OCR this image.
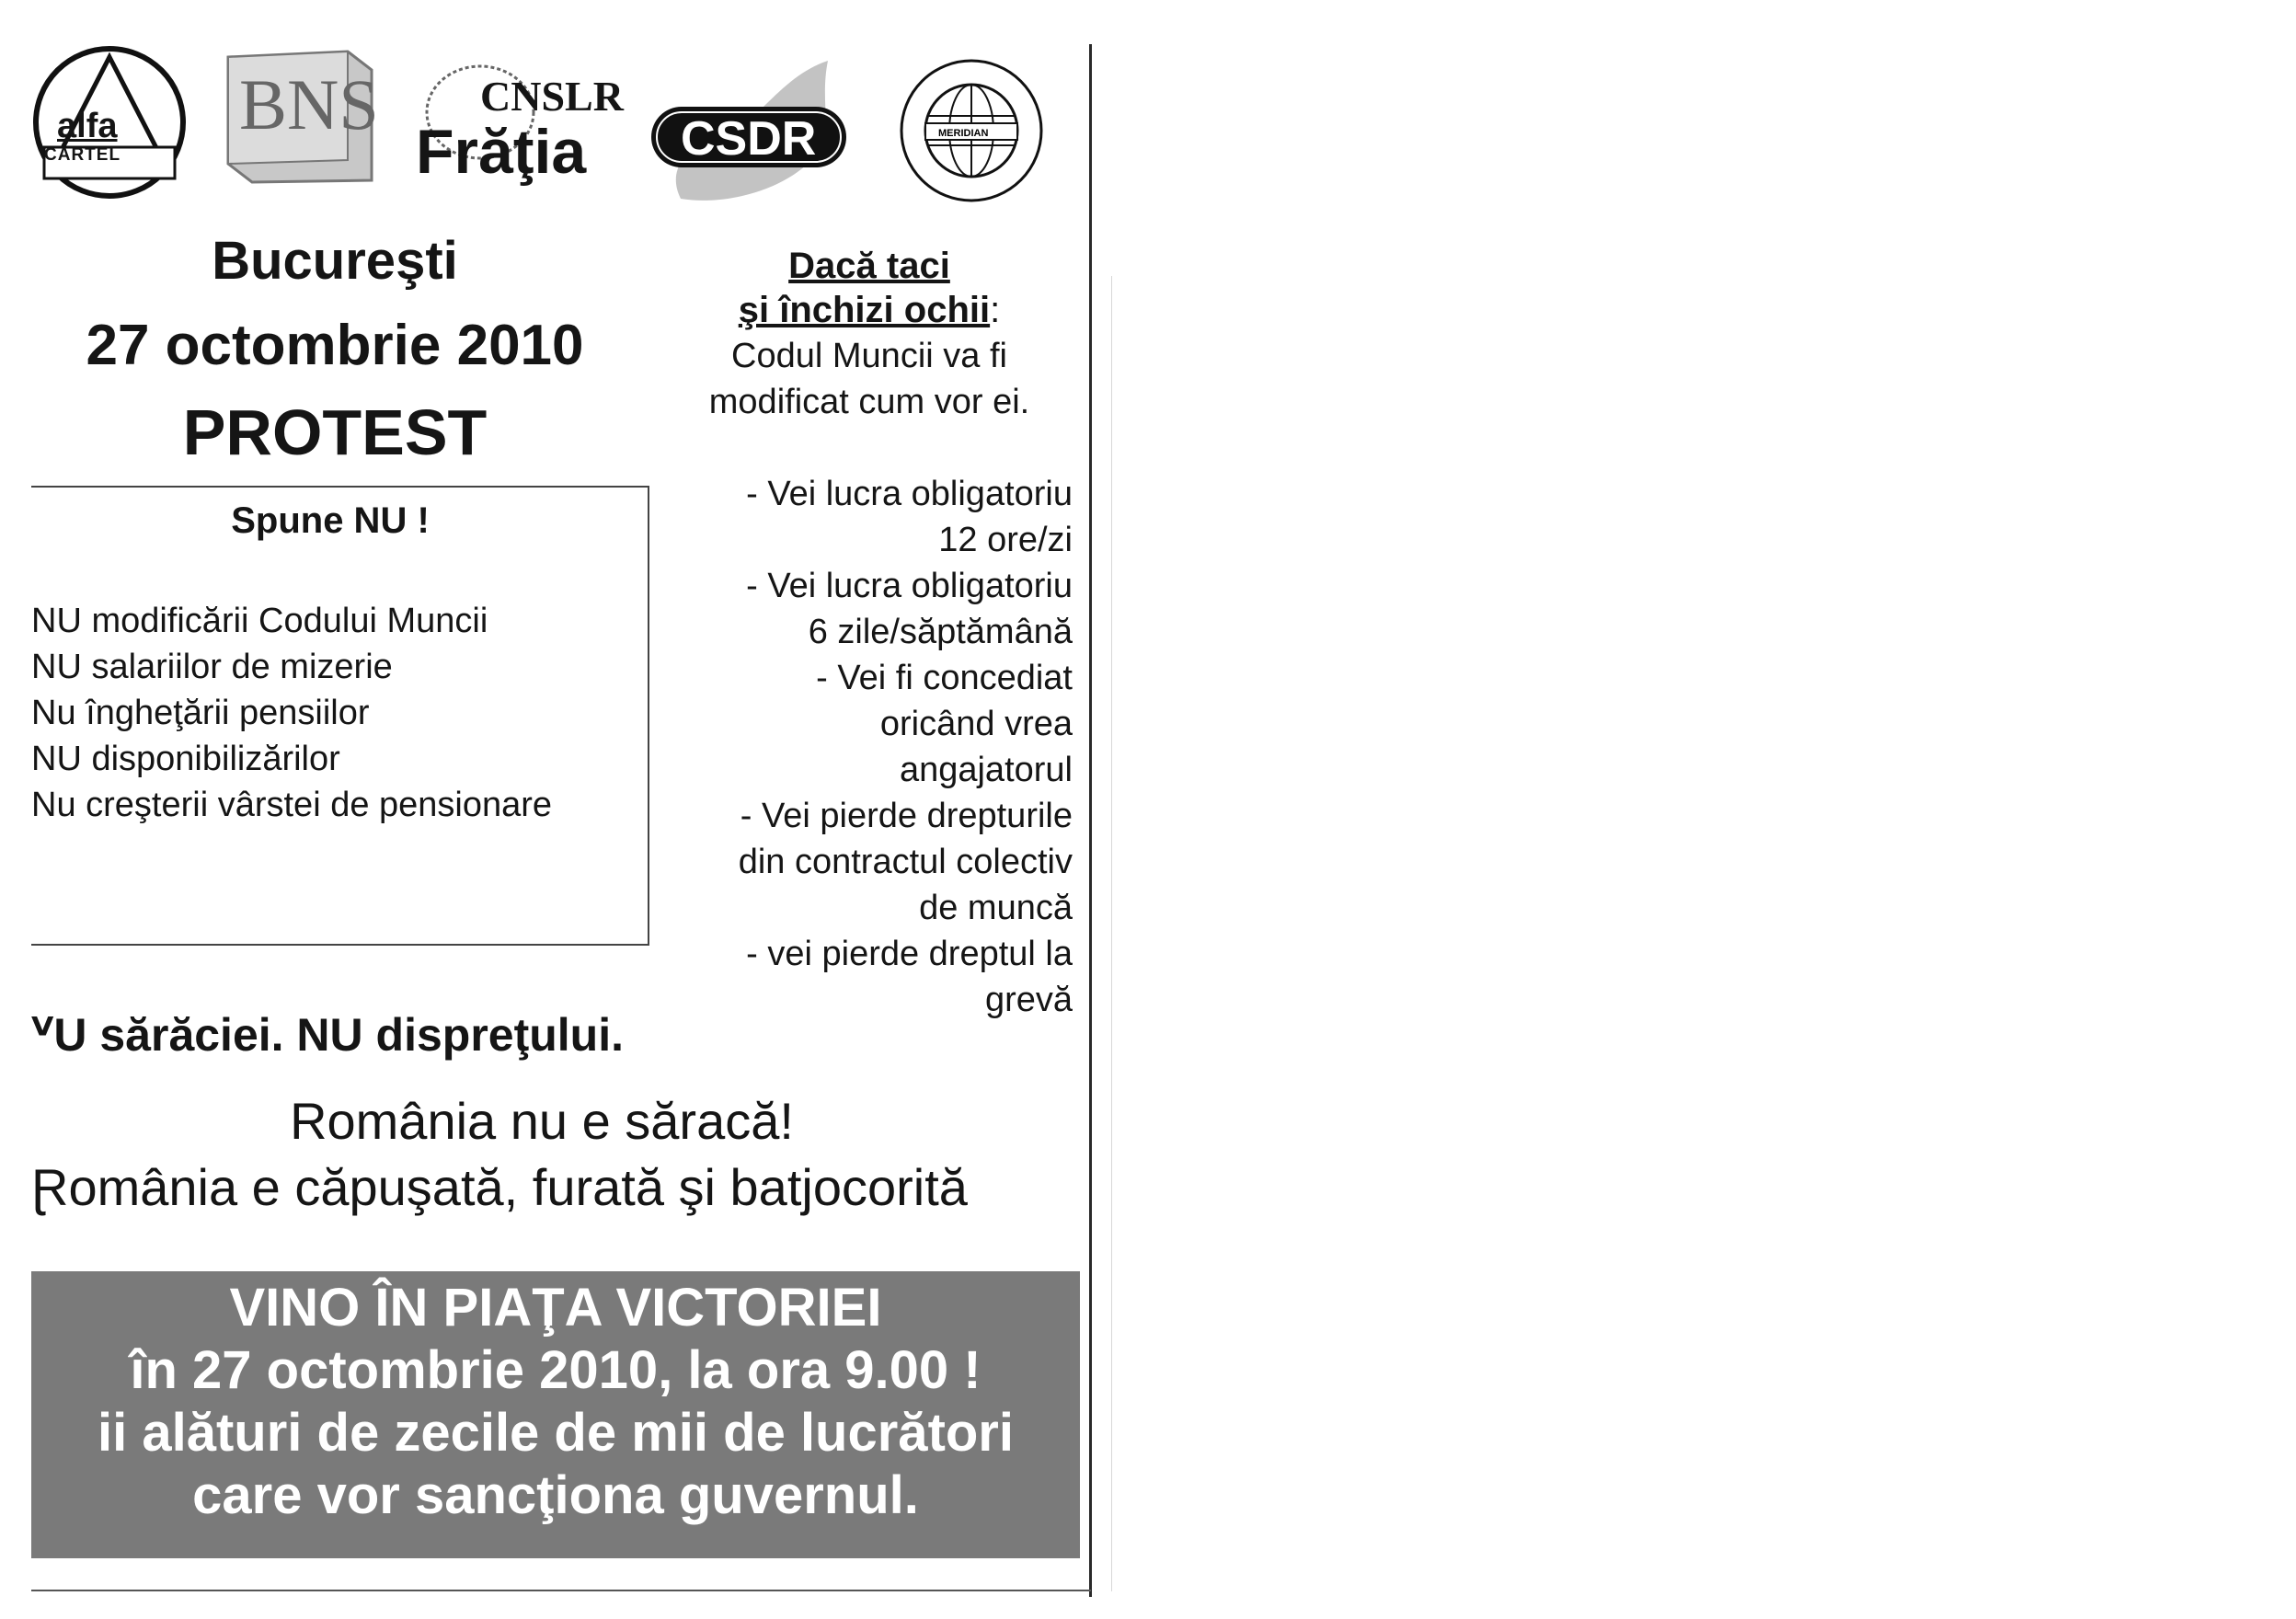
alfa
CARTEL
BNS CNSLR
Frăţia CSDR	MERIDIAN
Bucureşti
27 octombrie 2010
PROTEST
Dacă taci
şi închizi ochii:
Codul Muncii va fi
modificat cum vor ei.
- Vei lucra obligatoriu
12 ore/zi
- Vei lucra obligatoriu
6 zile/săptămână
- Vei fi concediat
oricând vrea
angajatorul
- Vei pierde drepturile
din contractul colectiv
de muncă
- vei pierde dreptul la
grevă
Spune NU !
NU modificării Codului Muncii
NU salariilor de mizerie
Nu îngheţării pensiilor
NU disponibilizărilor
Nu creşterii vârstei de pensionare
ⱽU sărăciei. NU dispreţului.
România nu e săracă!
Ɽomânia e căpuşată, furată şi batjocorită
VINO ÎN PIAŢA VICTORIEI
în 27 octombrie 2010, la ora 9.00 !
ii alături de zecile de mii de lucrători
care vor sancţiona guvernul.
